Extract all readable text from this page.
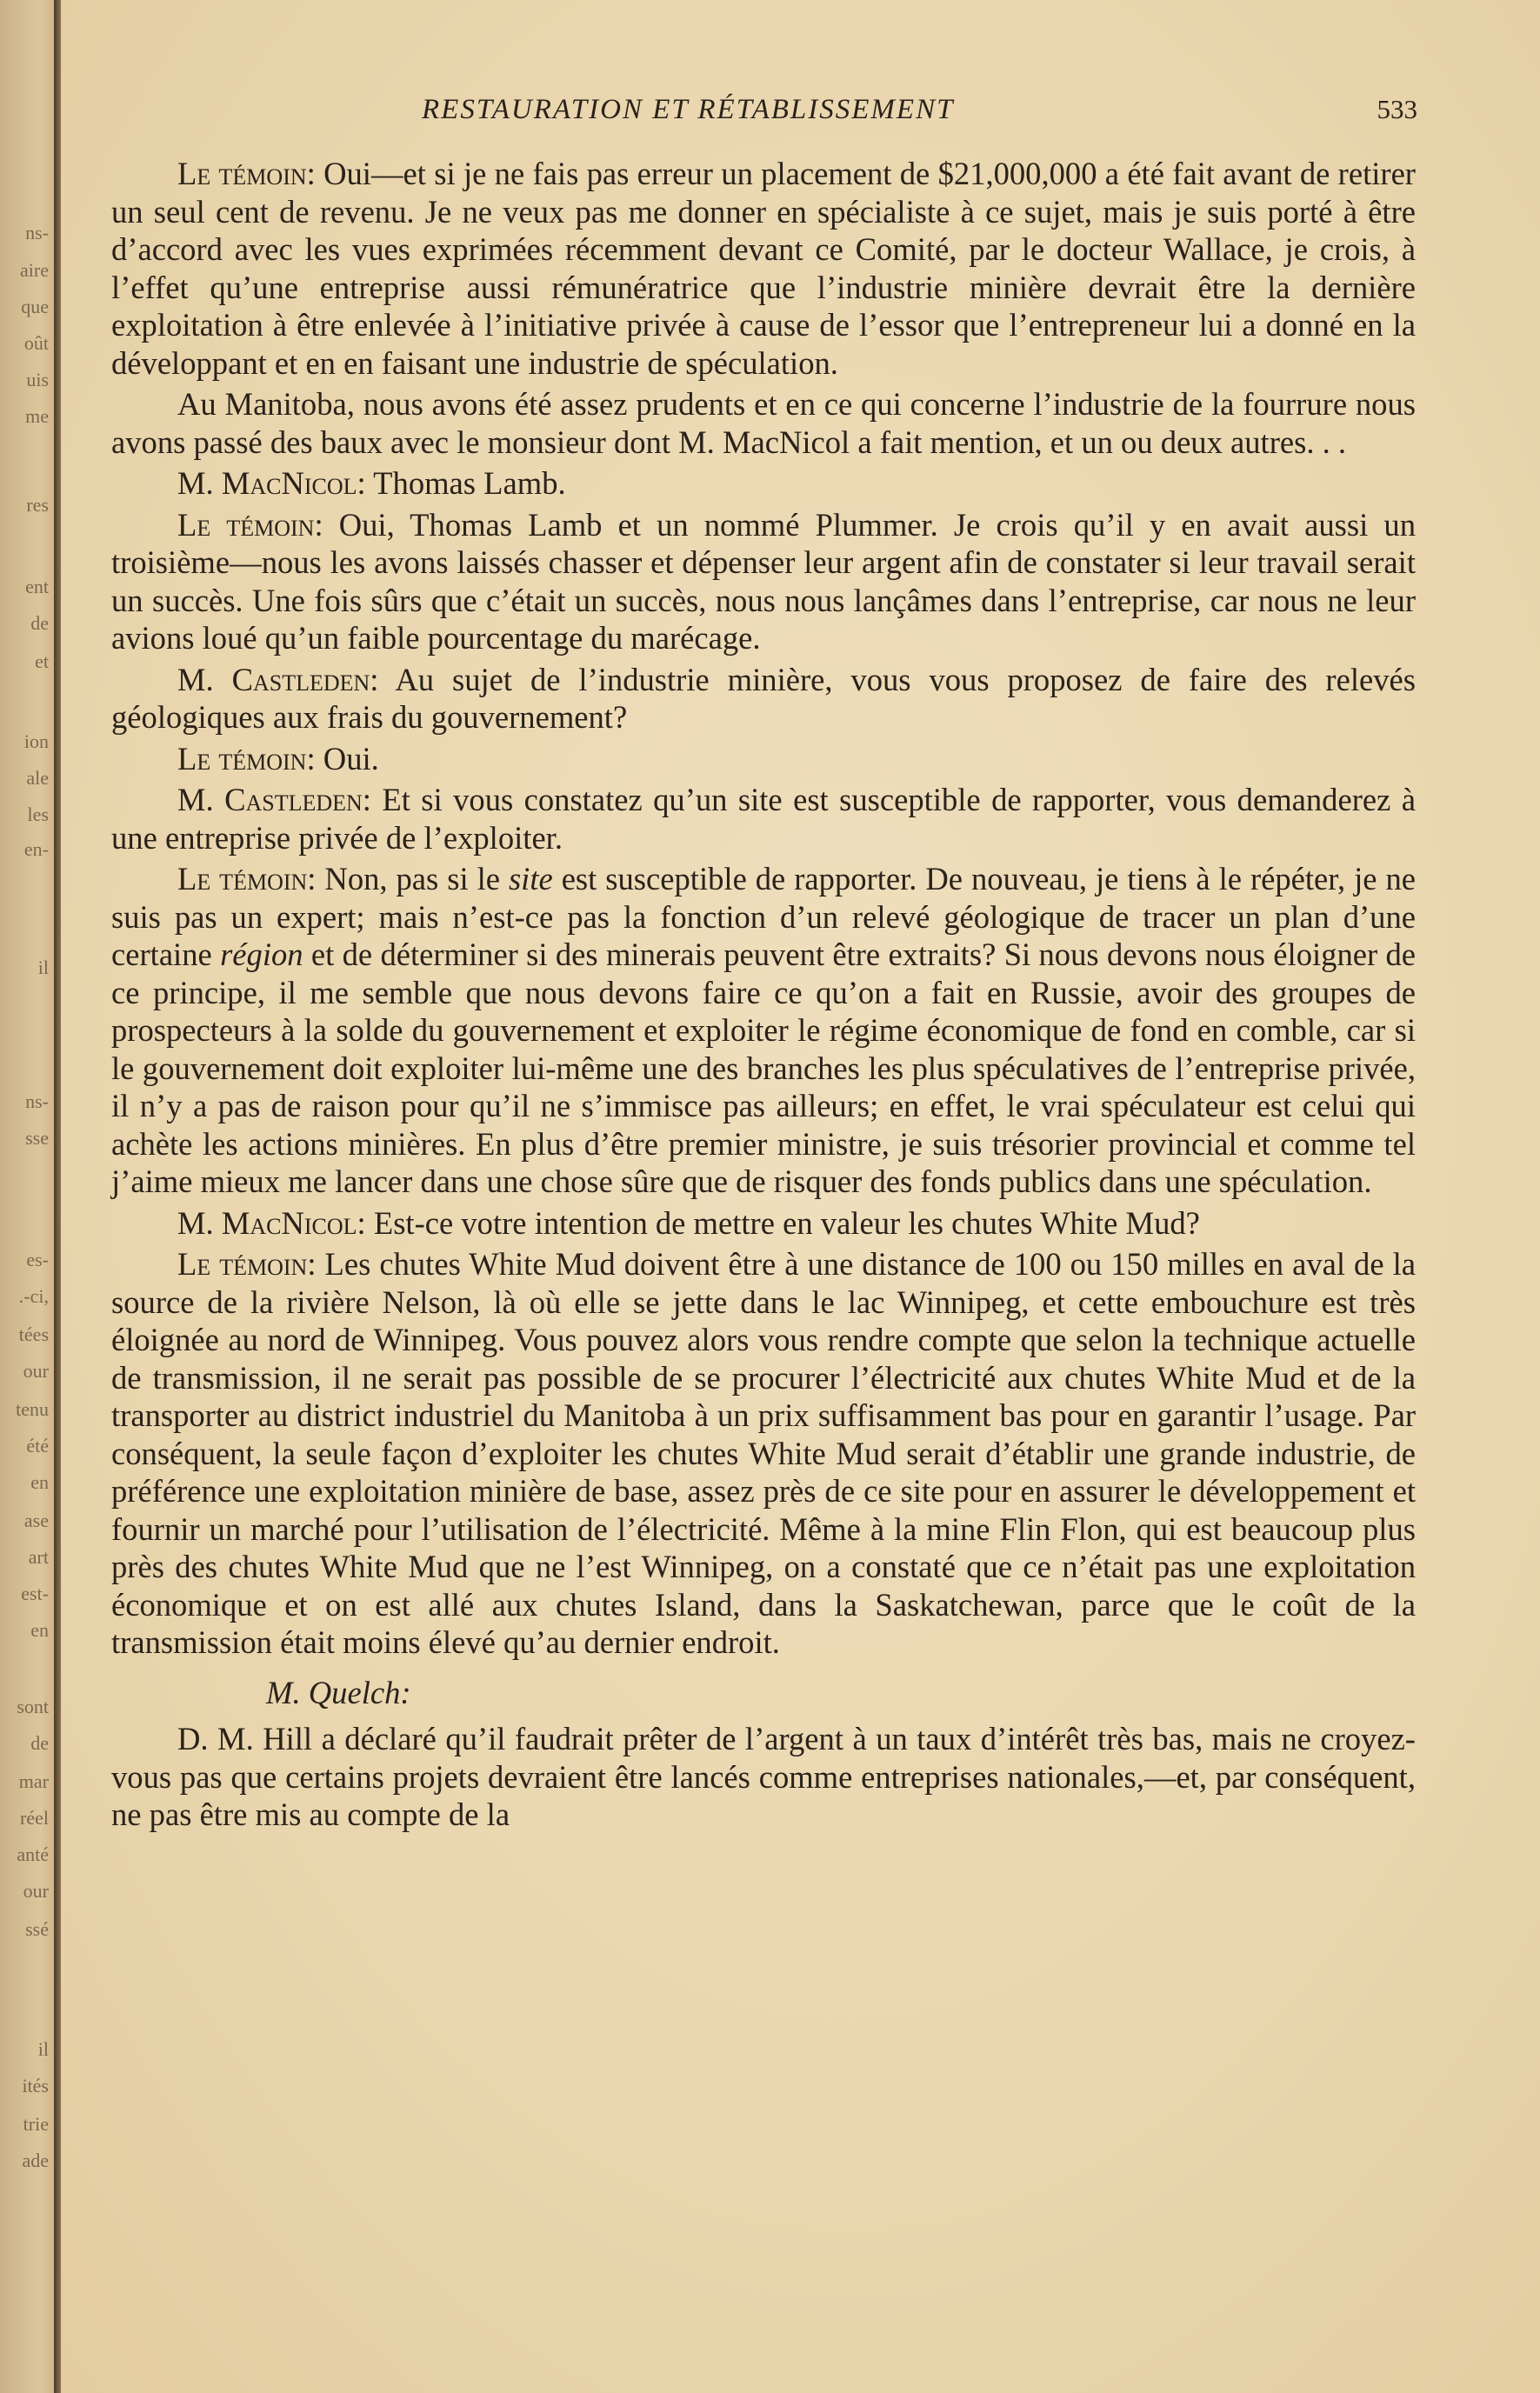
ns-
aire
que
oût
uis
me
res
ent
de
et
ion
ale
les
en-
il
ns-
sse
es-
.-ci,
tées
our
tenu
été
en
ase
art
est-
en
sont
de
mar
réel
anté
our
ssé
il
ités
trie
ade
RESTAURATION ET RÉTABLISSEMENT	533

Le témoin: Oui—et si je ne fais pas erreur un placement de $21,000,000 a été fait avant de retirer un seul cent de revenu. Je ne veux pas me donner en spécialiste à ce sujet, mais je suis porté à être d’accord avec les vues exprimées récemment devant ce Comité, par le docteur Wallace, je crois, à l’effet qu’une entreprise aussi rémunératrice que l’industrie minière devrait être la dernière exploitation à être enlevée à l’initiative privée à cause de l’essor que l’entrepreneur lui a donné en la développant et en en faisant une industrie de spéculation.

Au Manitoba, nous avons été assez prudents et en ce qui concerne l’industrie de la fourrure nous avons passé des baux avec le monsieur dont M. MacNicol a fait mention, et un ou deux autres. . .

M. MacNicol: Thomas Lamb.

Le témoin: Oui, Thomas Lamb et un nommé Plummer. Je crois qu’il y en avait aussi un troisième—nous les avons laissés chasser et dépenser leur argent afin de constater si leur travail serait un succès. Une fois sûrs que c’était un succès, nous nous lançâmes dans l’entreprise, car nous ne leur avions loué qu’un faible pourcentage du marécage.

M. Castleden: Au sujet de l’industrie minière, vous vous proposez de faire des relevés géologiques aux frais du gouvernement?

Le témoin: Oui.

M. Castleden: Et si vous constatez qu’un site est susceptible de rapporter, vous demanderez à une entreprise privée de l’exploiter.

Le témoin: Non, pas si le site est susceptible de rapporter. De nouveau, je tiens à le répéter, je ne suis pas un expert; mais n’est-ce pas la fonction d’un relevé géologique de tracer un plan d’une certaine région et de déterminer si des minerais peuvent être extraits? Si nous devons nous éloigner de ce principe, il me semble que nous devons faire ce qu’on a fait en Russie, avoir des groupes de prospecteurs à la solde du gouvernement et exploiter le régime économique de fond en comble, car si le gouvernement doit exploiter lui-même une des branches les plus spéculatives de l’entreprise privée, il n’y a pas de raison pour qu’il ne s’immisce pas ailleurs; en effet, le vrai spéculateur est celui qui achète les actions minières. En plus d’être premier ministre, je suis trésorier provincial et comme tel j’aime mieux me lancer dans une chose sûre que de risquer des fonds publics dans une spéculation.

M. MacNicol: Est-ce votre intention de mettre en valeur les chutes White Mud?

Le témoin: Les chutes White Mud doivent être à une distance de 100 ou 150 milles en aval de la source de la rivière Nelson, là où elle se jette dans le lac Winnipeg, et cette embouchure est très éloignée au nord de Winnipeg. Vous pouvez alors vous rendre compte que selon la technique actuelle de transmission, il ne serait pas possible de se procurer l’électricité aux chutes White Mud et de la transporter au district industriel du Manitoba à un prix suffisamment bas pour en garantir l’usage. Par conséquent, la seule façon d’exploiter les chutes White Mud serait d’établir une grande industrie, de préférence une exploitation minière de base, assez près de ce site pour en assurer le développement et fournir un marché pour l’utilisation de l’électricité. Même à la mine Flin Flon, qui est beaucoup plus près des chutes White Mud que ne l’est Winnipeg, on a constaté que ce n’était pas une exploitation économique et on est allé aux chutes Island, dans la Saskatchewan, parce que le coût de la transmission était moins élevé qu’au dernier endroit.

M. Quelch:

D. M. Hill a déclaré qu’il faudrait prêter de l’argent à un taux d’intérêt très bas, mais ne croyez-vous pas que certains projets devraient être lancés comme entreprises nationales,—et, par conséquent, ne pas être mis au compte de la
